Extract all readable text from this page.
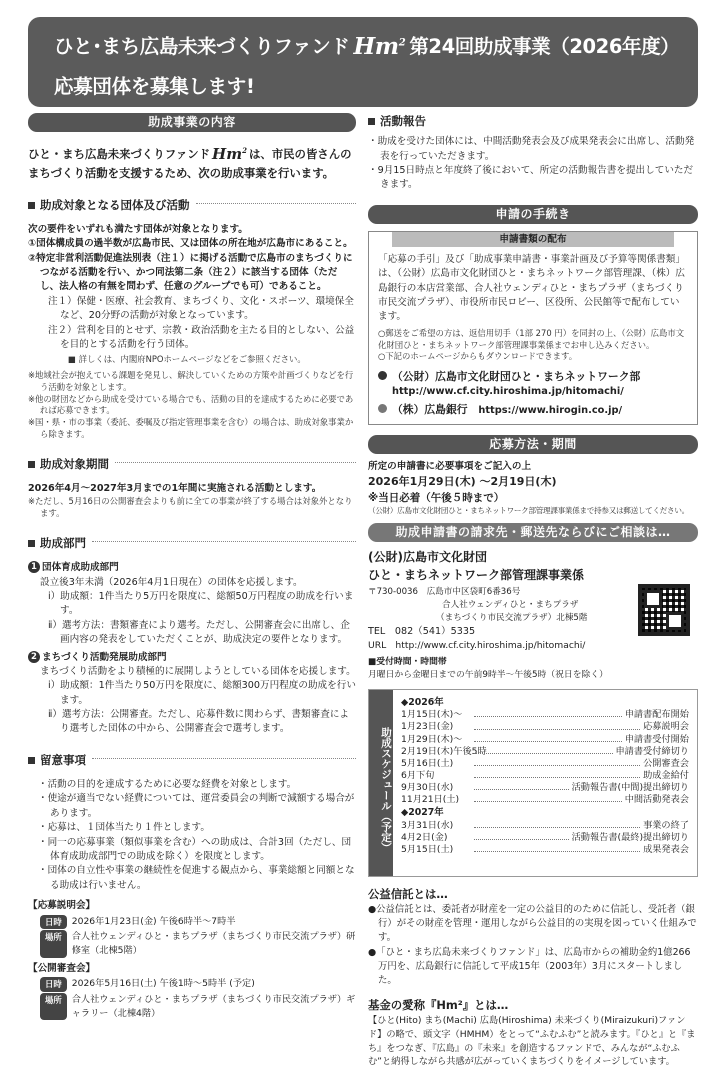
ひと･まち広島未来づくりファンド Hm$^2$ 第24回助成事業（2026年度）
応募団体を募集します!
助成事業の内容
ひと・まち広島未来づくりファンド Hm$^2$ は、市民の皆さんのまちづくり活動を支援するため、次の助成事業を行います。
助成対象となる団体及び活動

次の要件をいずれも満たす団体が対象となります。

①団体構成員の過半数が広島市民、又は団体の所在地が広島市にあること。

②特定非営利活動促進法別表（注１）に掲げる活動で広島市のまちづくりにつながる活動を行い、かつ同法第二条（注２）に該当する団体（ただし、法人格の有無を問わず、任意のグループでも可）であること。

注１）保健・医療、社会教育、まちづくり、文化・スポーツ、環境保全など、20分野の活動が対象となっています。

注２）営利を目的とせず、宗教・政治活動を主たる目的としない、公益を目的とする活動を行う団体。

■ 詳しくは、内閣府NPOホームページなどをご参照ください。

※地域社会が抱えている課題を発見し、解決していくための方策や計画づくりなどを行う活動を対象とします。

※他の財団などから助成を受けている場合でも、活動の目的を達成するために必要であれば応募できます。

※国・県・市の事業（委託、委嘱及び指定管理事業を含む）の場合は、助成対象事業から除きます。

助成対象期間

2026年4月～2027年3月までの1年間に実施される活動とします。

※ただし、5月16日の公開審査会よりも前に全ての事業が終了する場合は対象外となります。

助成部門

1 団体育成助成部門

設立後3年未満（2026年4月1日現在）の団体を応援します。

ⅰ）助成額：1件当たり5万円を限度に、総額50万円程度の助成を行います。

ⅱ）選考方法：書類審査により選考。ただし、公開審査会に出席し、企画内容の発表をしていただくことが、助成決定の要件となります。

2 まちづくり活動発展助成部門

まちづくり活動をより積極的に展開しようとしている団体を応援します。

ⅰ）助成額：1件当たり50万円を限度に、総額300万円程度の助成を行います。

ⅱ）選考方法：公開審査。ただし、応募件数に関わらず、書類審査により選考した団体の中から、公開審査会で選考します。

留意事項

・活動の目的を達成するために必要な経費を対象とします。

・使途が適当でない経費については、運営委員会の判断で減額する場合があります。

・応募は、１団体当たり１件とします。

・同一の応募事業（類似事業を含む）への助成は、合計3回（ただし、団体育成助成部門での助成を除く）を限度とします。

・団体の自立性や事業の継続性を促進する観点から、事業総額と同額となる助成は行いません。

【応募説明会】

日時	2026年1月23日(金) 午後6時半～7時半
場所	合人社ウェンディひと・まちプラザ（まちづくり市民交流プラザ）研修室（北棟5階）

【公開審査会】

日時	2026年5月16日(土) 午後1時～5時半 (予定)
場所	合人社ウェンディひと・まちプラザ（まちづくり市民交流プラザ）ギャラリー（北棟4階）
活動報告

・助成を受けた団体には、中間活動発表会及び成果発表会に出席し、活動発表を行っていただきます。

・9月15日時点と年度終了後において、所定の活動報告書を提出していただきます。

申請の手続き
申請書類の配布

「応募の手引」及び「助成事業申請書・事業計画及び予算等関係書類」は、（公財）広島市文化財団ひと・まちネットワーク部管理課、（株）広島銀行の本店営業部、合人社ウェンディひと・まちプラザ（まちづくり市民交流プラザ）、市役所市民ロビー、区役所、公民館等で配布しています。

○郵送をご希望の方は、返信用切手（1部 270 円）を同封の上、（公財）広島市文化財団ひと・まちネットワーク部管理課事業係までお申し込みください。

○下記のホームページからもダウンロードできます。

（公財）広島市文化財団ひと・まちネットワーク部

http://www.cf.city.hiroshima.jp/hitomachi/

（株）広島銀行　 https://www.hirogin.co.jp/

応募方法・期間

所定の申請書に必要事項をご記入の上

2026年1月29日(木) ～2月19日(木)

※当日必着（午後５時まで）

（公財）広島市文化財団ひと・まちネットワーク部管理課事業係まで持参又は郵送してください。

助成申請書の請求先・郵送先ならびにご相談は…

(公財)広島市文化財団

ひと・まちネットワーク部管理課事業係

〒730-0036　 広島市中区袋町6番36号

合人社ウェンディひと・まちプラザ

（まちづくり市民交流プラザ）北棟5階

TEL　 082（541）5335

URL　 http://www.cf.city.hiroshima.jp/hitomachi/

■受付時間・時間帯

月曜日から金曜日までの午前9時半～午後5時（祝日を除く）

助成スケジュール（予定）
◆2026年
1月15日(木)～	申請書配布開始
1月23日(金)	応募説明会
1月29日(木)～	申請書受付開始
2月19日(木)午後5時	申請書受付締切り
5月16日(土)	公開審査会
6月下旬	助成金給付
9月30日(水)	活動報告書(中間)提出締切り
11月21日(土)	中間活動発表会
◆2027年
3月31日(水)	事業の終了
4月2日(金)	活動報告書(最終)提出締切り
5月15日(土)	成果発表会

公益信託とは…

●公益信託とは、委託者が財産を一定の公益目的のために信託し、受託者（銀行）がその財産を管理・運用しながら公益目的の実現を図っていく仕組みです。

●「ひと・まち広島未来づくりファンド」は、広島市からの補助金約1億266万円を、広島銀行に信託して平成15年（2003年）3月にスタートしました。

基金の愛称『Hm²』とは…

【ひと(Hito) まち(Machi) 広島(Hiroshima) 未来づくり(Miraizukuri)ファンド】の略で、頭文字（HMHM）をとって“ふむふむ”と読みます。『ひと』と『まち』をつなぎ、『広島』の『未来』を創造するファンドで、みんなが“ふむふむ”と納得しながら共感が広がっていくまちづくりをイメージしています。
